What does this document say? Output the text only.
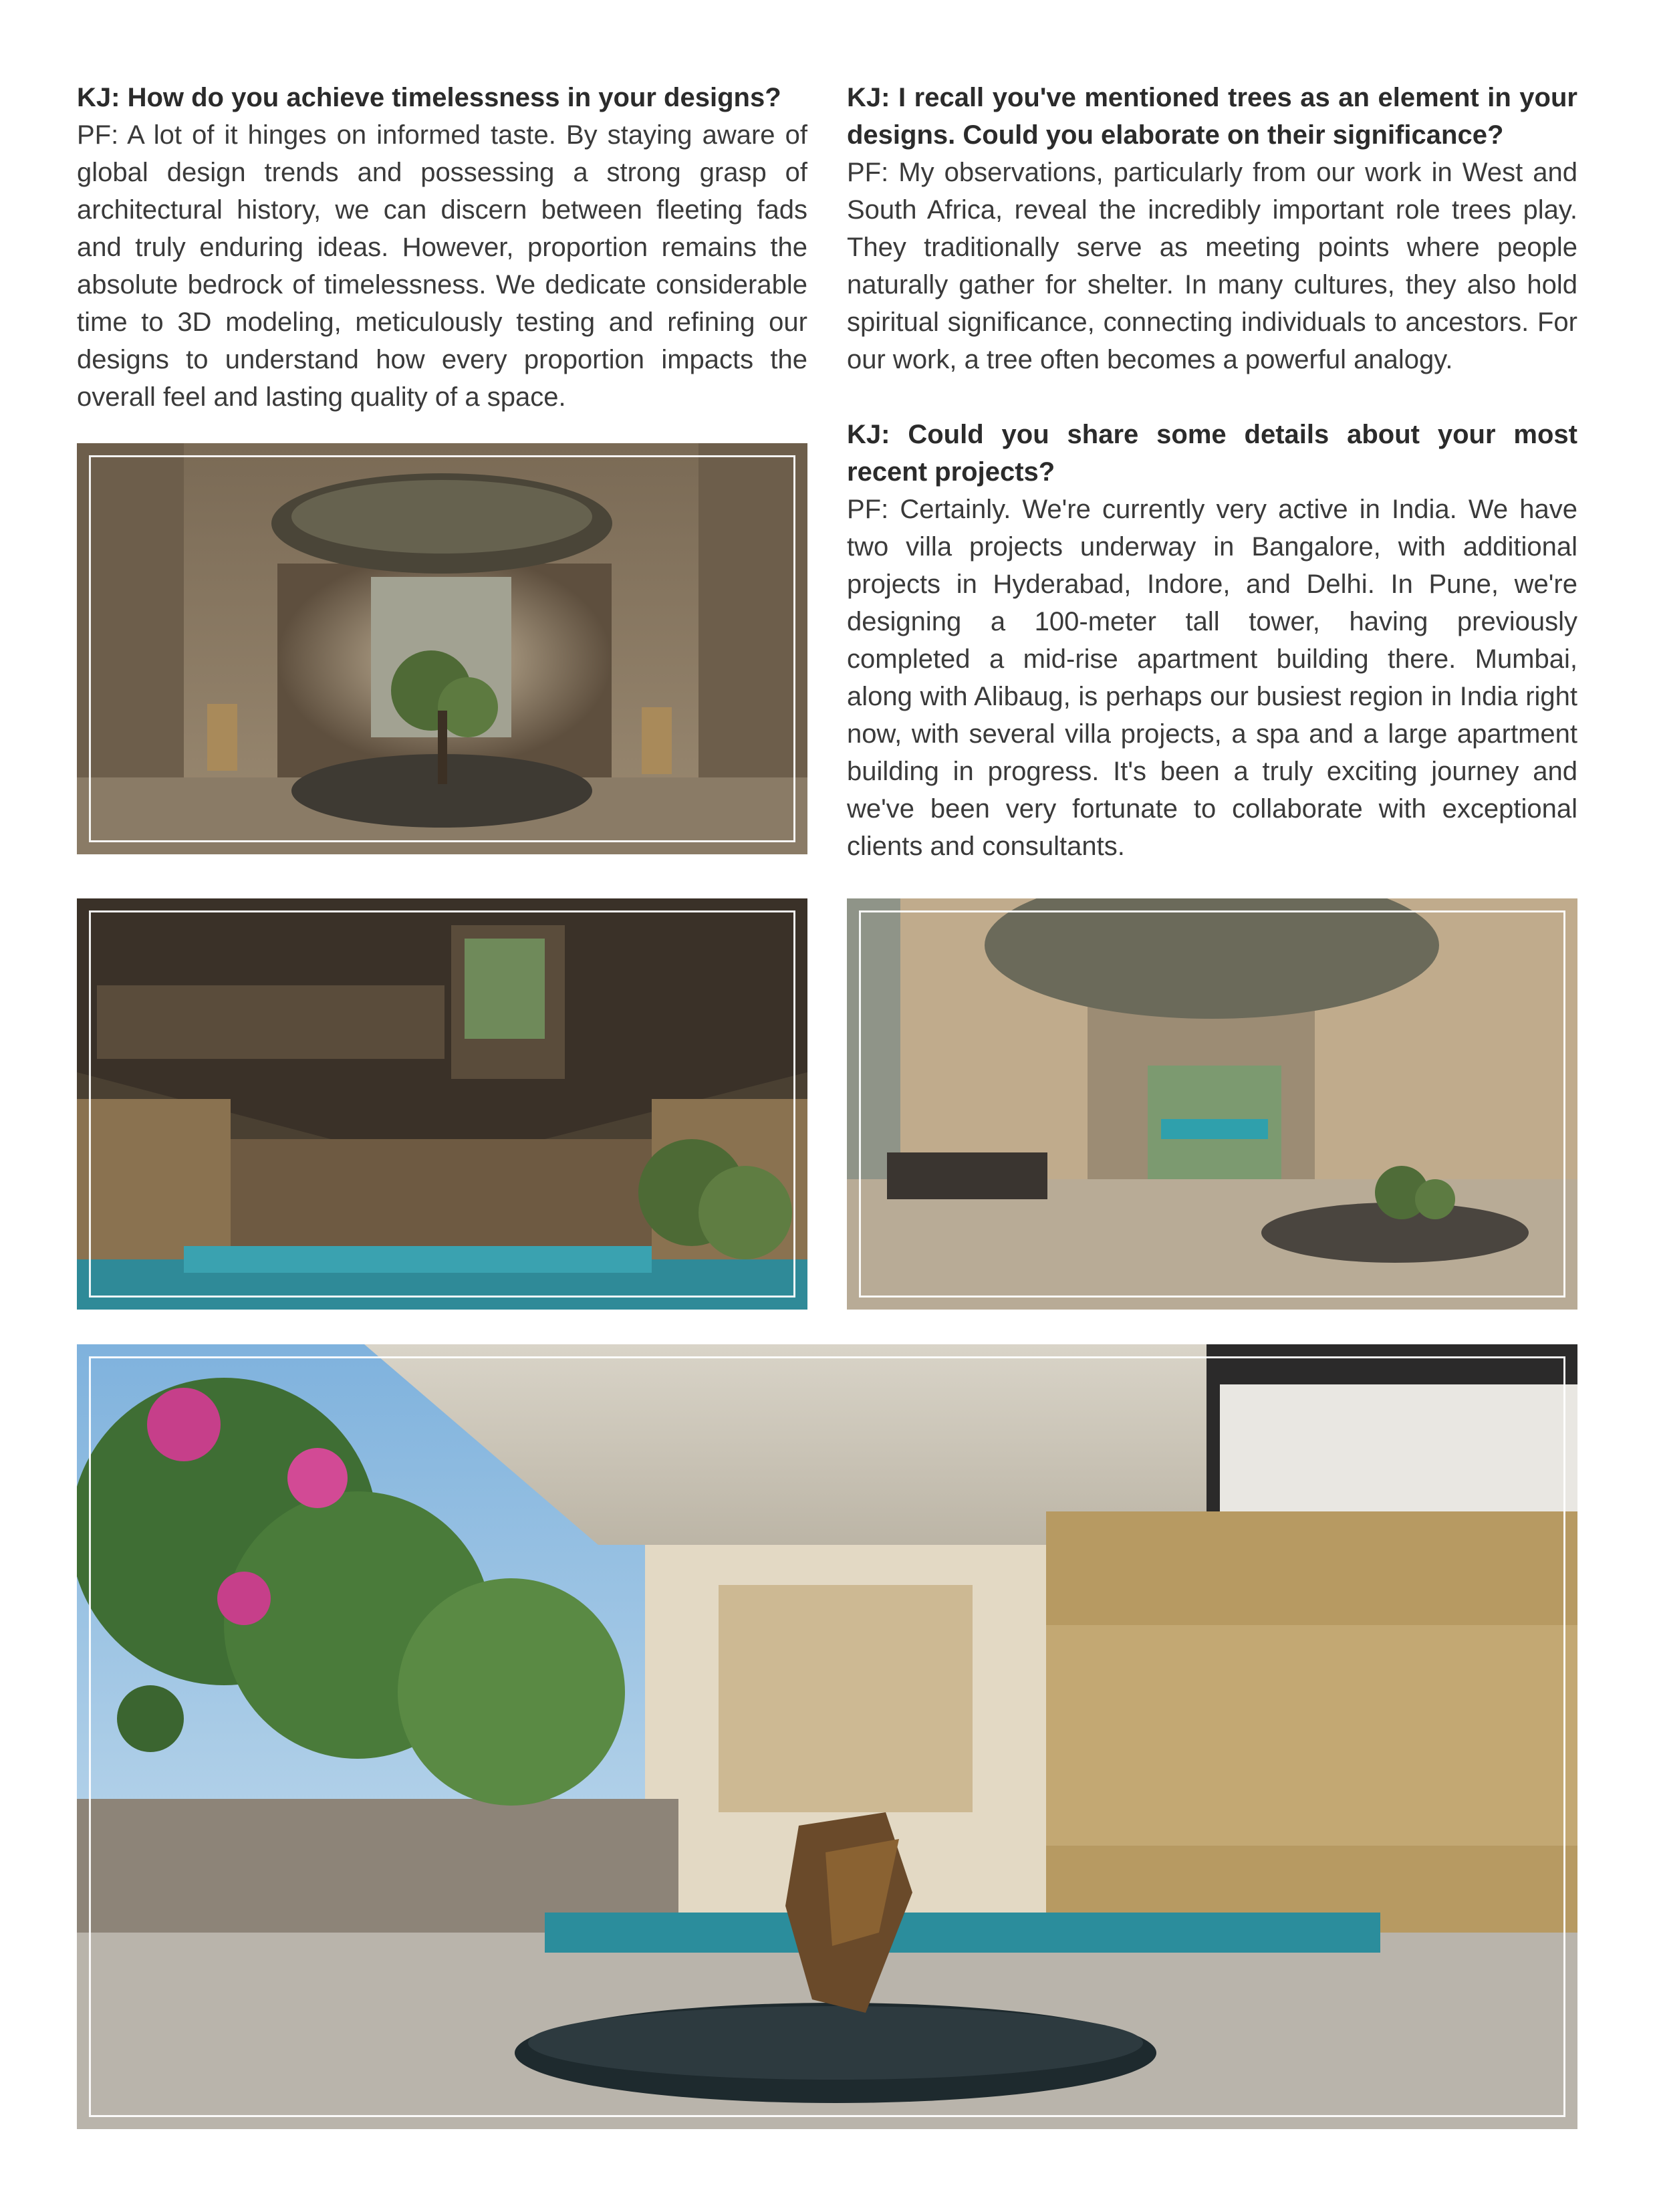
KJ: How do you achieve timelessness in your designs?

PF: A lot of it hinges on informed taste. By staying aware of global design trends and possessing a strong grasp of architectural history, we can discern between fleeting fads and truly enduring ideas. However, proportion remains the absolute bedrock of timelessness. We dedicate considerable time to 3D modeling, meticulously testing and refining our designs to understand how every proportion impacts the overall feel and lasting quality of a space.

KJ: I recall you've mentioned trees as an element in your designs. Could you elaborate on their significance?

PF: My observations, particularly from our work in West and South Africa, reveal the incredibly important role trees play. They traditionally serve as meeting points where people naturally gather for shelter. In many cultures, they also hold spiritual significance, connecting individuals to ancestors. For our work, a tree often becomes a powerful analogy.

KJ: Could you share some details about your most recent projects?

PF: Certainly. We're currently very active in India. We have two villa projects underway in Bangalore, with additional projects in Hyderabad, Indore, and Delhi. In Pune, we're designing a 100-meter tall tower, having previously completed a mid-rise apartment building there. Mumbai, along with Alibaug, is perhaps our busiest region in India right now, with several villa projects, a spa and a large apartment building in progress. It's been a truly exciting journey and we've been very fortunate to collaborate with exceptional clients and consultants.
